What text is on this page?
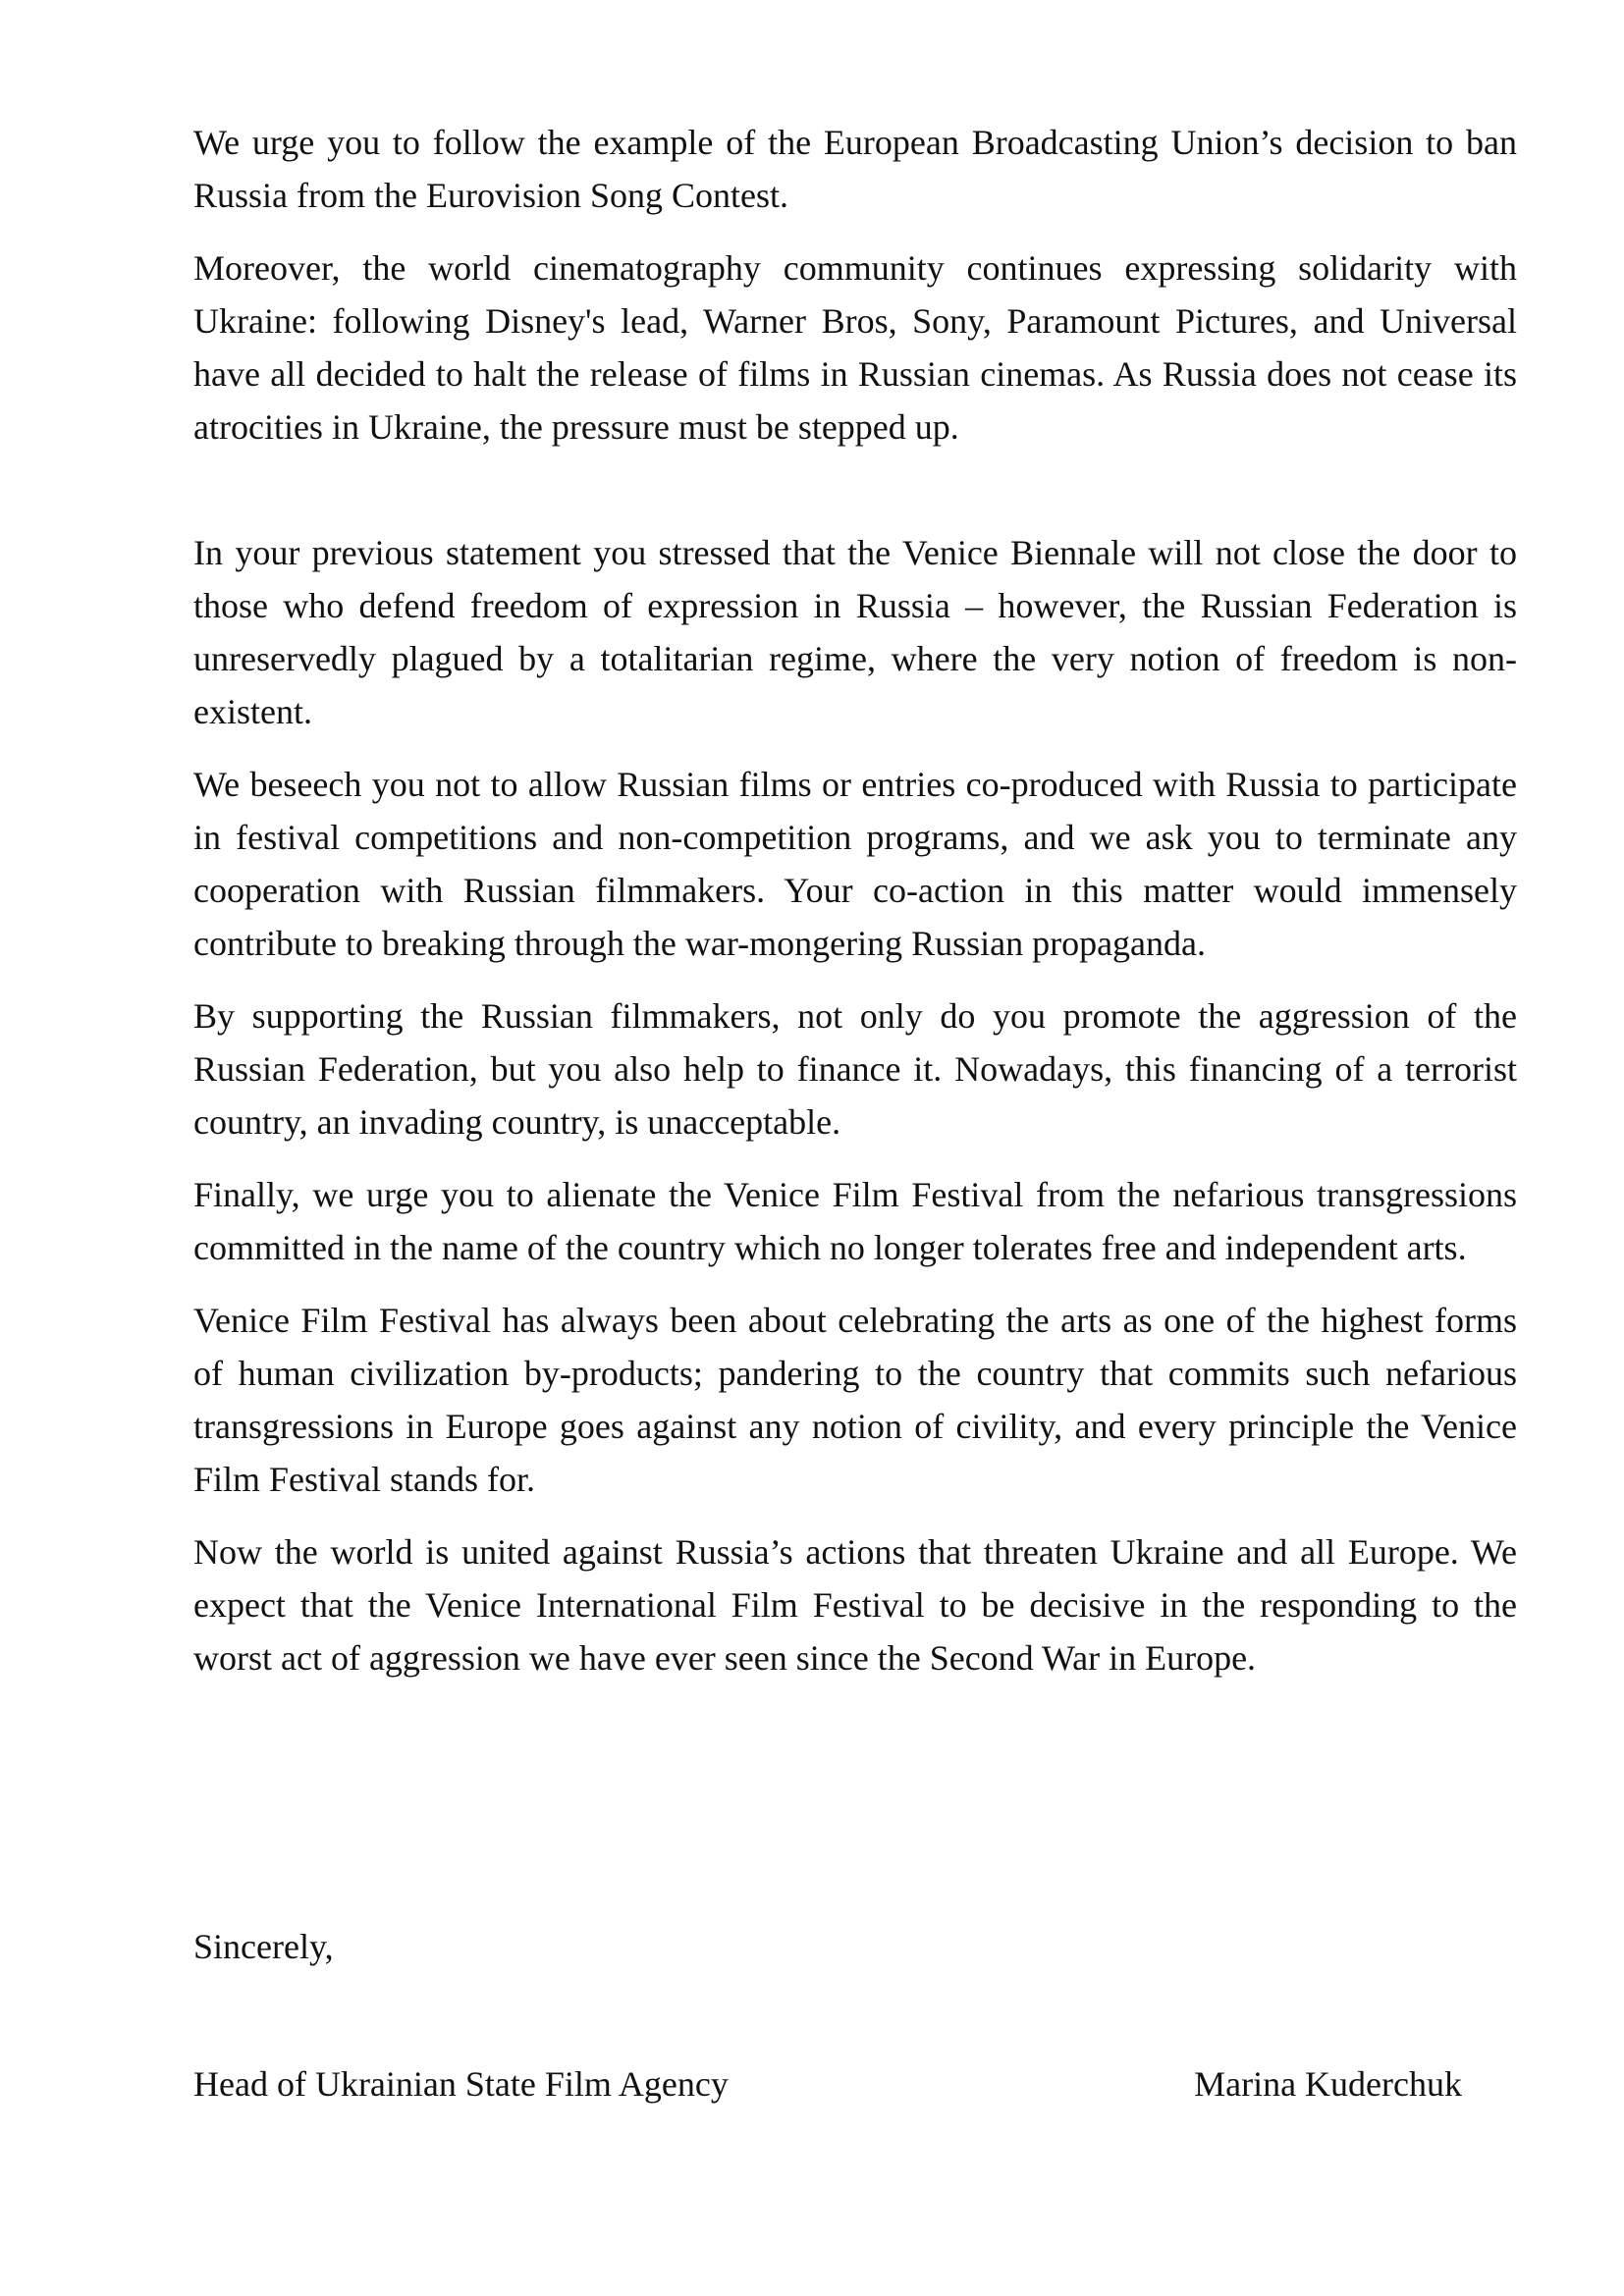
We urge you to follow the example of the European Broadcasting Union’s decision to ban Russia from the Eurovision Song Contest.

Moreover, the world cinematography community continues expressing solidarity with Ukraine: following Disney's lead, Warner Bros, Sony, Paramount Pictures, and Universal have all decided to halt the release of films in Russian cinemas. As Russia does not cease its atrocities in Ukraine, the pressure must be stepped up.

In your previous statement you stressed that the Venice Biennale will not close the door to those who defend freedom of expression in Russia – however, the Russian Federation is unreservedly plagued by a totalitarian regime, where the very notion of freedom is non-existent.

We beseech you not to allow Russian films or entries co-produced with Russia to participate in festival competitions and non-competition programs, and we ask you to terminate any cooperation with Russian filmmakers. Your co-action in this matter would immensely contribute to breaking through the war-mongering Russian propaganda.

By supporting the Russian filmmakers, not only do you promote the aggression of the Russian Federation, but you also help to finance it. Nowadays, this financing of a terrorist country, an invading country, is unacceptable.

Finally, we urge you to alienate the Venice Film Festival from the nefarious transgressions committed in the name of the country which no longer tolerates free and independent arts.

Venice Film Festival has always been about celebrating the arts as one of the highest forms of human civilization by-products; pandering to the country that commits such nefarious transgressions in Europe goes against any notion of civility, and every principle the Venice Film Festival stands for.

Now the world is united against Russia’s actions that threaten Ukraine and all Europe. We expect that the Venice International Film Festival to be decisive in the responding to the worst act of aggression we have ever seen since the Second War in Europe.

Sincerely,

Head of Ukrainian State Film Agency	Marina Kuderchuk
